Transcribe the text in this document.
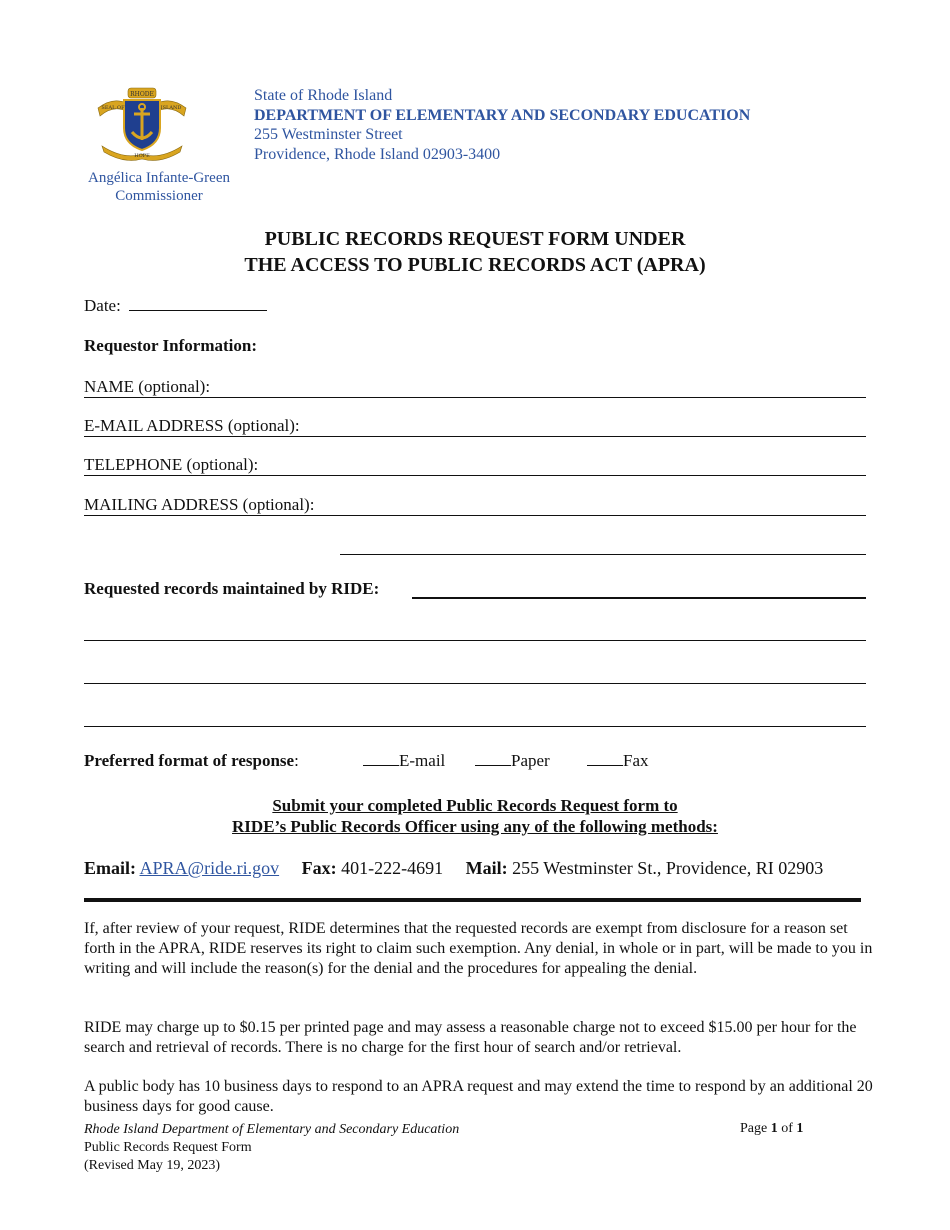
RHODE
SEAL OF	ISLAND
HOPE
Angélica Infante-Green
Commissioner
State of Rhode Island
DEPARTMENT OF ELEMENTARY AND SECONDARY EDUCATION
255 Westminster Street
Providence, Rhode Island 02903-3400
PUBLIC RECORDS REQUEST FORM UNDER
THE ACCESS TO PUBLIC RECORDS ACT (APRA)
Date:
Requestor Information:
NAME (optional):
E-MAIL ADDRESS (optional):
TELEPHONE (optional):
MAILING ADDRESS (optional):
Requested records maintained by RIDE:
Preferred format of response:	E-mail	Paper	Fax
Submit your completed Public Records Request form to
RIDE’s Public Records Officer using any of the following methods:
Email: APRA@ride.ri.gov Fax: 401-222-4691 Mail: 255 Westminster St., Providence, RI 02903
If, after review of your request, RIDE determines that the requested records are exempt from disclosure for a reason set forth in the APRA, RIDE reserves its right to claim such exemption. Any denial, in whole or in part, will be made to you in writing and will include the reason(s) for the denial and the procedures for appealing the denial.
RIDE may charge up to $0.15 per printed page and may assess a reasonable charge not to exceed $15.00 per hour for the search and retrieval of records. There is no charge for the first hour of search and/or retrieval.
A public body has 10 business days to respond to an APRA request and may extend the time to respond by an additional 20 business days for good cause.
Rhode Island Department of Elementary and Secondary Education
Public Records Request Form
(Revised May 19, 2023)
Page 1 of 1
